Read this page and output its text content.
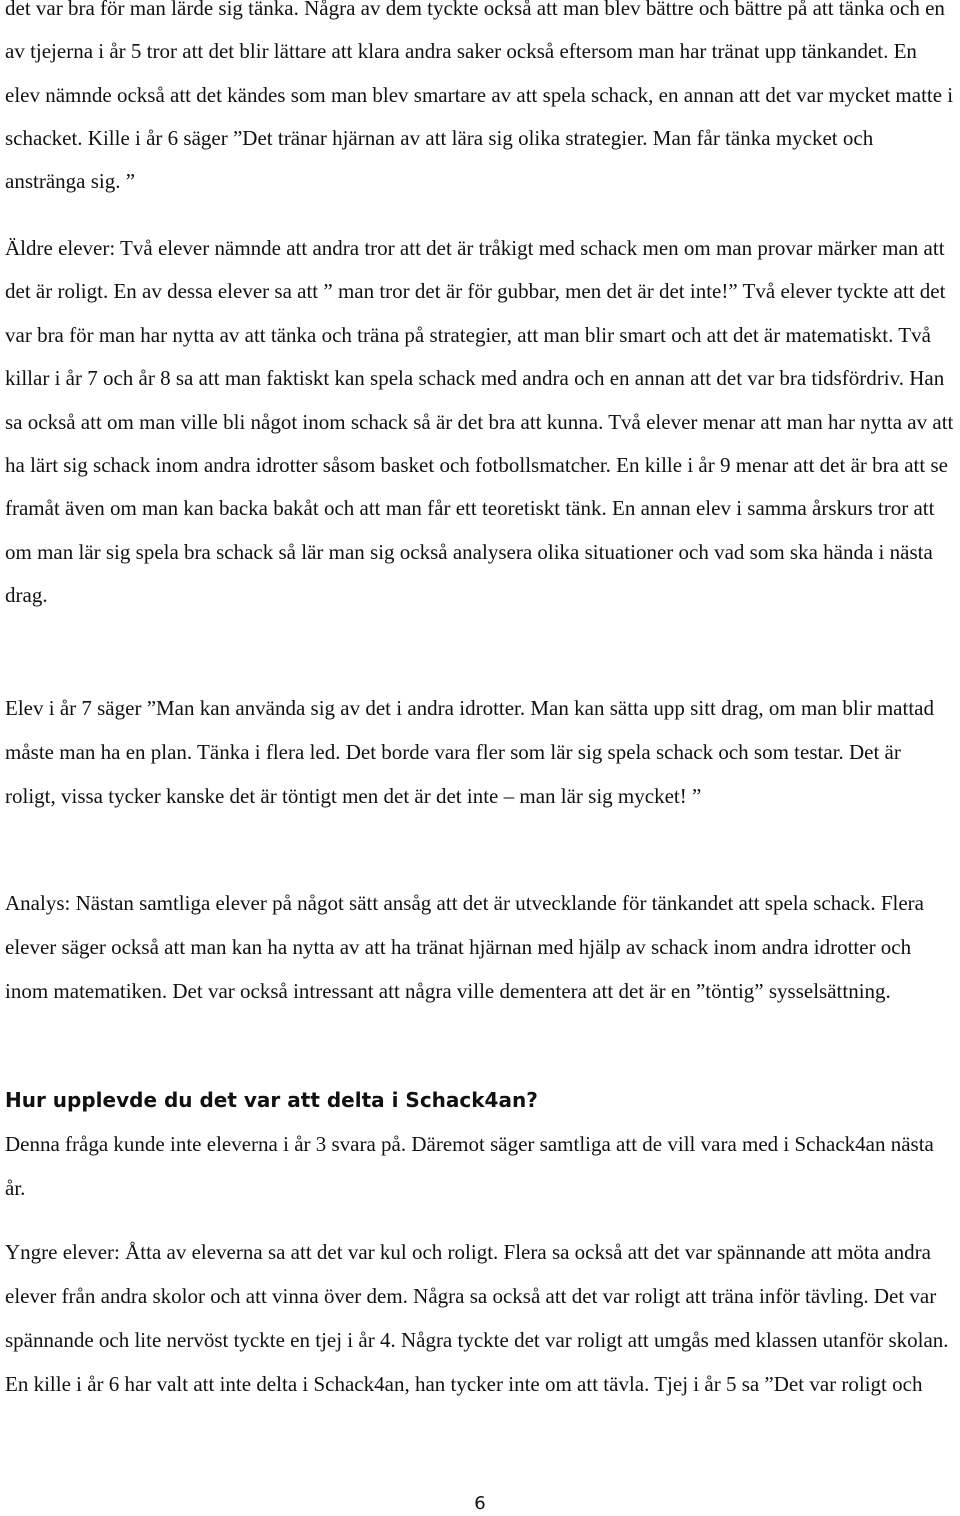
det var bra för man lärde sig tänka. Några av dem tyckte också att man blev bättre och bättre på att tänka och en av tjejerna i år 5 tror att det blir lättare att klara andra saker också eftersom man har tränat upp tänkandet. En elev nämnde också att det kändes som man blev smartare av att spela schack, en annan att det var mycket matte i schacket. Kille i år 6 säger ”Det tränar hjärnan av att lära sig olika strategier. Man får tänka mycket och anstränga sig. ”

Äldre elever: Två elever nämnde att andra tror att det är tråkigt med schack men om man provar märker man att det är roligt. En av dessa elever sa att ” man tror det är för gubbar, men det är det inte!” Två elever tyckte att det var bra för man har nytta av att tänka och träna på strategier, att man blir smart och att det är matematiskt. Två killar i år 7 och år 8 sa att man faktiskt kan spela schack med andra och en annan att det var bra tidsfördriv. Han sa också att om man ville bli något inom schack så är det bra att kunna. Två elever menar att man har nytta av att ha lärt sig schack inom andra idrotter såsom basket och fotbollsmatcher. En kille i år 9 menar att det är bra att se framåt även om man kan backa bakåt och att man får ett teoretiskt tänk. En annan elev i samma årskurs tror att om man lär sig spela bra schack så lär man sig också analysera olika situationer och vad som ska hända i nästa drag.

Elev i år 7 säger ”Man kan använda sig av det i andra idrotter. Man kan sätta upp sitt drag, om man blir mattad måste man ha en plan. Tänka i flera led. Det borde vara fler som lär sig spela schack och som testar. Det är roligt, vissa tycker kanske det är töntigt men det är det inte – man lär sig mycket! ”

Analys: Nästan samtliga elever på något sätt ansåg att det är utvecklande för tänkandet att spela schack. Flera elever säger också att man kan ha nytta av att ha tränat hjärnan med hjälp av schack inom andra idrotter och inom matematiken. Det var också intressant att några ville dementera att det är en ”töntig” sysselsättning.

Hur upplevde du det var att delta i Schack4an?

Denna fråga kunde inte eleverna i år 3 svara på. Däremot säger samtliga att de vill vara med i Schack4an nästa år.

Yngre elever: Åtta av eleverna sa att det var kul och roligt. Flera sa också att det var spännande att möta andra elever från andra skolor och att vinna över dem. Några sa också att det var roligt att träna inför tävling. Det var spännande och lite nervöst tyckte en tjej i år 4. Några tyckte det var roligt att umgås med klassen utanför skolan. En kille i år 6 har valt att inte delta i Schack4an, han tycker inte om att tävla. Tjej i år 5 sa ”Det var roligt och

6
